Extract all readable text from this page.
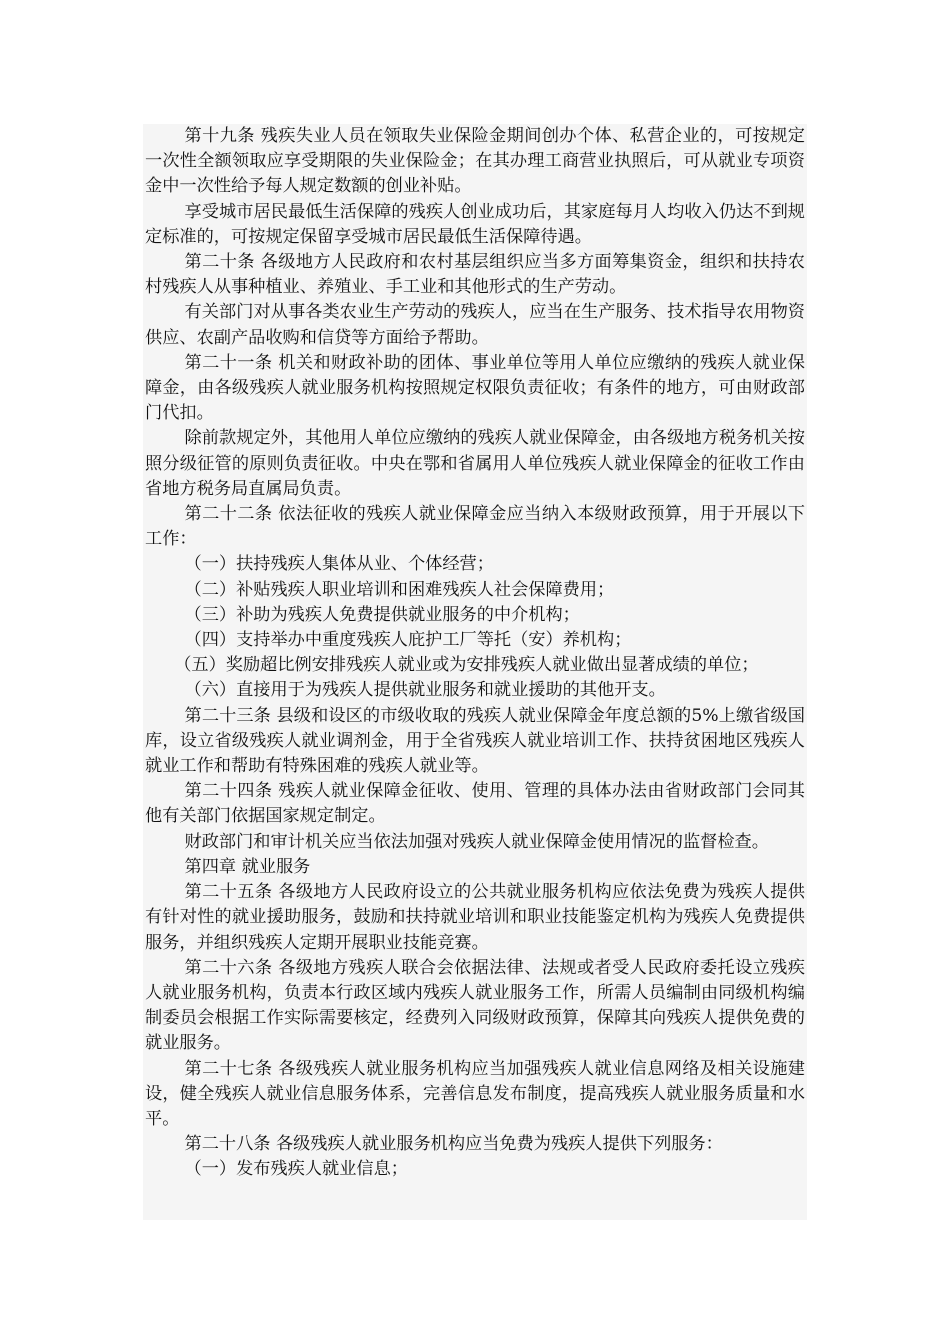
第十九条 残疾失业人员在领取失业保险金期间创办个体、私营企业的，可按规定一次性全额领取应享受期限的失业保险金；在其办理工商营业执照后，可从就业专项资金中一次性给予每人规定数额的创业补贴。

享受城市居民最低生活保障的残疾人创业成功后，其家庭每月人均收入仍达不到规定标准的，可按规定保留享受城市居民最低生活保障待遇。

第二十条 各级地方人民政府和农村基层组织应当多方面筹集资金，组织和扶持农村残疾人从事种植业、养殖业、手工业和其他形式的生产劳动。

有关部门对从事各类农业生产劳动的残疾人，应当在生产服务、技术指导农用物资供应、农副产品收购和信贷等方面给予帮助。

第二十一条 机关和财政补助的团体、事业单位等用人单位应缴纳的残疾人就业保障金，由各级残疾人就业服务机构按照规定权限负责征收；有条件的地方，可由财政部门代扣。

除前款规定外，其他用人单位应缴纳的残疾人就业保障金，由各级地方税务机关按照分级征管的原则负责征收。中央在鄂和省属用人单位残疾人就业保障金的征收工作由省地方税务局直属局负责。

第二十二条 依法征收的残疾人就业保障金应当纳入本级财政预算，用于开展以下工作：

（一）扶持残疾人集体从业、个体经营；

（二）补贴残疾人职业培训和困难残疾人社会保障费用；

（三）补助为残疾人免费提供就业服务的中介机构；

（四）支持举办中重度残疾人庇护工厂等托（安）养机构；

（五）奖励超比例安排残疾人就业或为安排残疾人就业做出显著成绩的单位；

（六）直接用于为残疾人提供就业服务和就业援助的其他开支。

第二十三条 县级和设区的市级收取的残疾人就业保障金年度总额的5%上缴省级国库，设立省级残疾人就业调剂金，用于全省残疾人就业培训工作、扶持贫困地区残疾人就业工作和帮助有特殊困难的残疾人就业等。

第二十四条 残疾人就业保障金征收、使用、管理的具体办法由省财政部门会同其他有关部门依据国家规定制定。

财政部门和审计机关应当依法加强对残疾人就业保障金使用情况的监督检查。

第四章 就业服务

第二十五条 各级地方人民政府设立的公共就业服务机构应依法免费为残疾人提供有针对性的就业援助服务，鼓励和扶持就业培训和职业技能鉴定机构为残疾人免费提供服务，并组织残疾人定期开展职业技能竞赛。

第二十六条 各级地方残疾人联合会依据法律、法规或者受人民政府委托设立残疾人就业服务机构，负责本行政区域内残疾人就业服务工作，所需人员编制由同级机构编制委员会根据工作实际需要核定，经费列入同级财政预算，保障其向残疾人提供免费的就业服务。

第二十七条 各级残疾人就业服务机构应当加强残疾人就业信息网络及相关设施建设，健全残疾人就业信息服务体系，完善信息发布制度，提高残疾人就业服务质量和水平。

第二十八条 各级残疾人就业服务机构应当免费为残疾人提供下列服务：

（一）发布残疾人就业信息；
